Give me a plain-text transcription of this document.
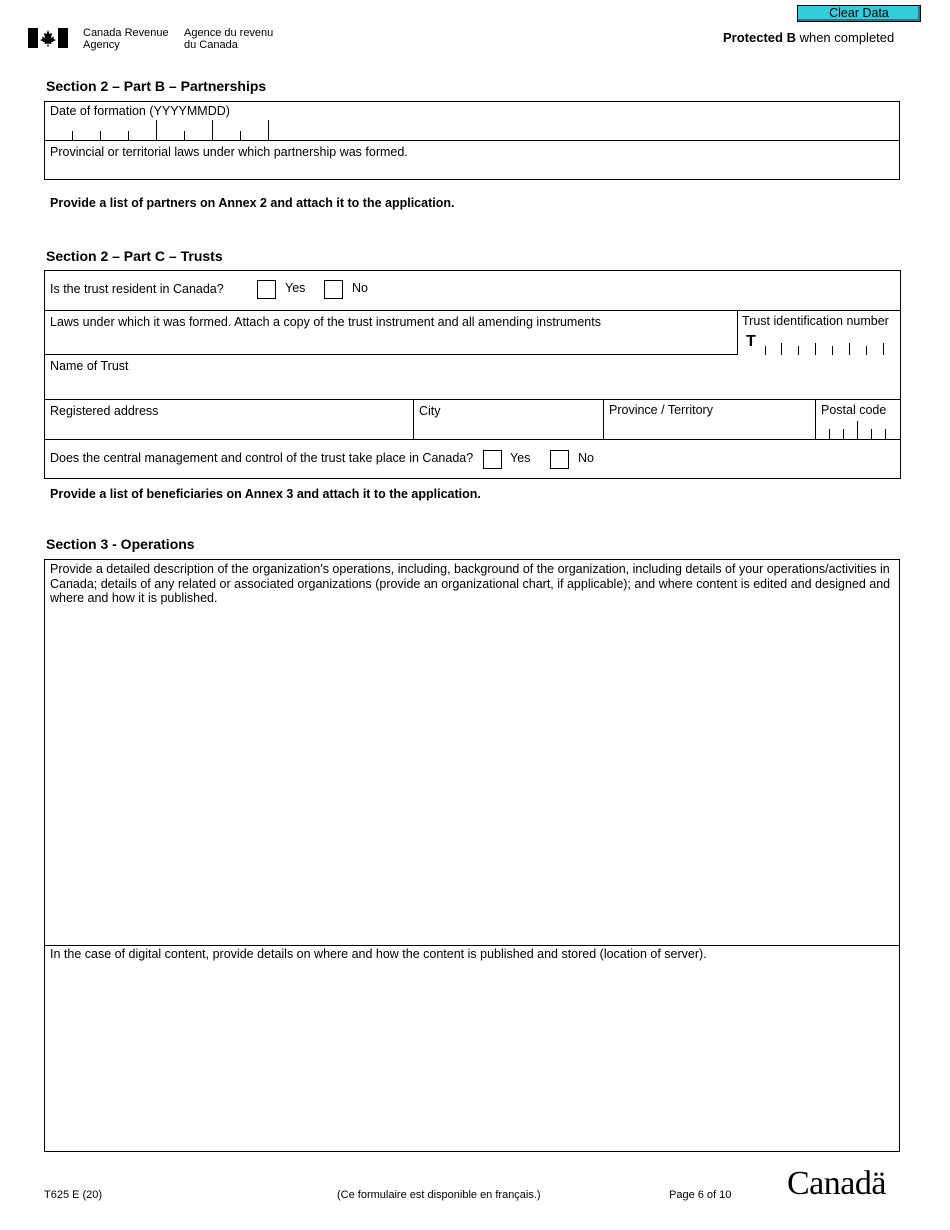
Canada Revenue
Agency
Agence du revenu
du Canada
Clear Data
Protected B when completed
Section 2 – Part B – Partnerships
Date of formation (YYYYMMDD)
Provincial or territorial laws under which partnership was formed.
Provide a list of partners on Annex 2 and attach it to the application.
Section 2 – Part C – Trusts
Is the trust resident in Canada?	Yes	No
Laws under which it was formed. Attach a copy of the trust instrument and all amending instruments	Trust identification number
T
Name of Trust
Registered address	City	Province / Territory	Postal code
Does the central management and control of the trust take place in Canada?	Yes	No
Provide a list of beneficiaries on Annex 3 and attach it to the application.
Section 3 - Operations
Provide a detailed description of the organization's operations, including, background of the organization, including details of your operations/activities in Canada; details of any related or associated organizations (provide an organizational chart, if applicable); and where content is edited and designed and where and how it is published.
In the case of digital content, provide details on where and how the content is published and stored (location of server).
T625 E (20)	(Ce formulaire est disponible en français.)	Page 6 of 10 Canadä
